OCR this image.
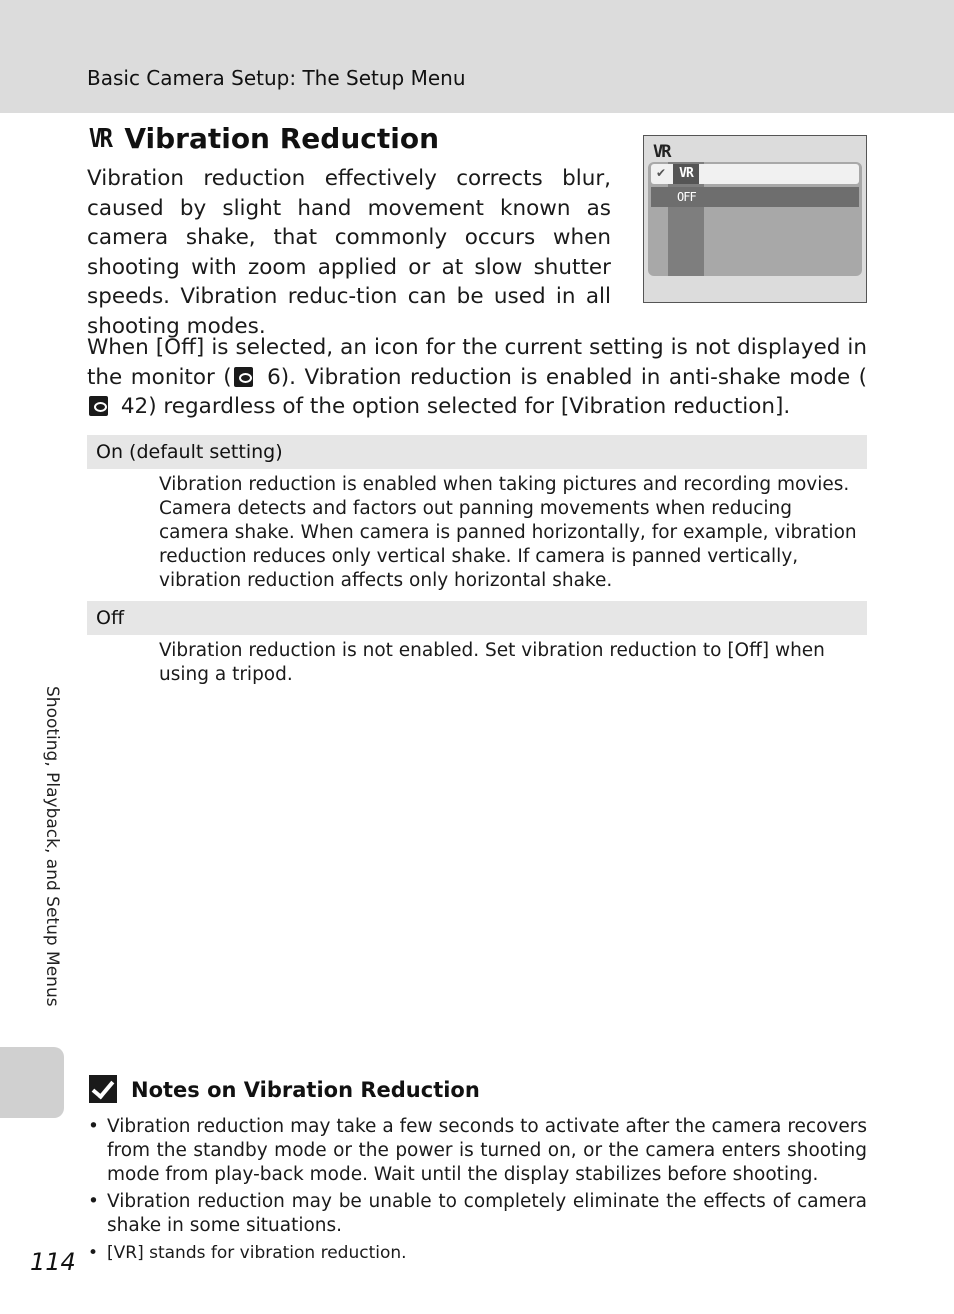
Basic Camera Setup: The Setup Menu
VR Vibration Reduction
Vibration reduction effectively corrects blur, caused by slight hand movement known as camera shake, that commonly occurs when shooting with zoom applied or at slow shutter speeds. Vibration reduc-tion can be used in all shooting modes.
VR
✔	VR
OFF
When [Off] is selected, an icon for the current setting is not displayed in the monitor ( 6). Vibration reduction is enabled in anti-shake mode ( 42) regardless of the option selected for [Vibration reduction].
On (default setting)
Vibration reduction is enabled when taking pictures and recording movies. Camera detects and factors out panning movements when reducing camera shake. When camera is panned horizontally, for example, vibration reduction reduces only vertical shake. If camera is panned vertically, vibration reduction affects only horizontal shake.
Off
Vibration reduction is not enabled. Set vibration reduction to [Off] when using a tripod.
Shooting, Playback, and Setup Menus
Notes on Vibration Reduction
• Vibration reduction may take a few seconds to activate after the camera recovers from the standby mode or the power is turned on, or the camera enters shooting mode from play-back mode. Wait until the display stabilizes before shooting.
• Vibration reduction may be unable to completely eliminate the effects of camera shake in some situations.
• [VR] stands for vibration reduction.
114
